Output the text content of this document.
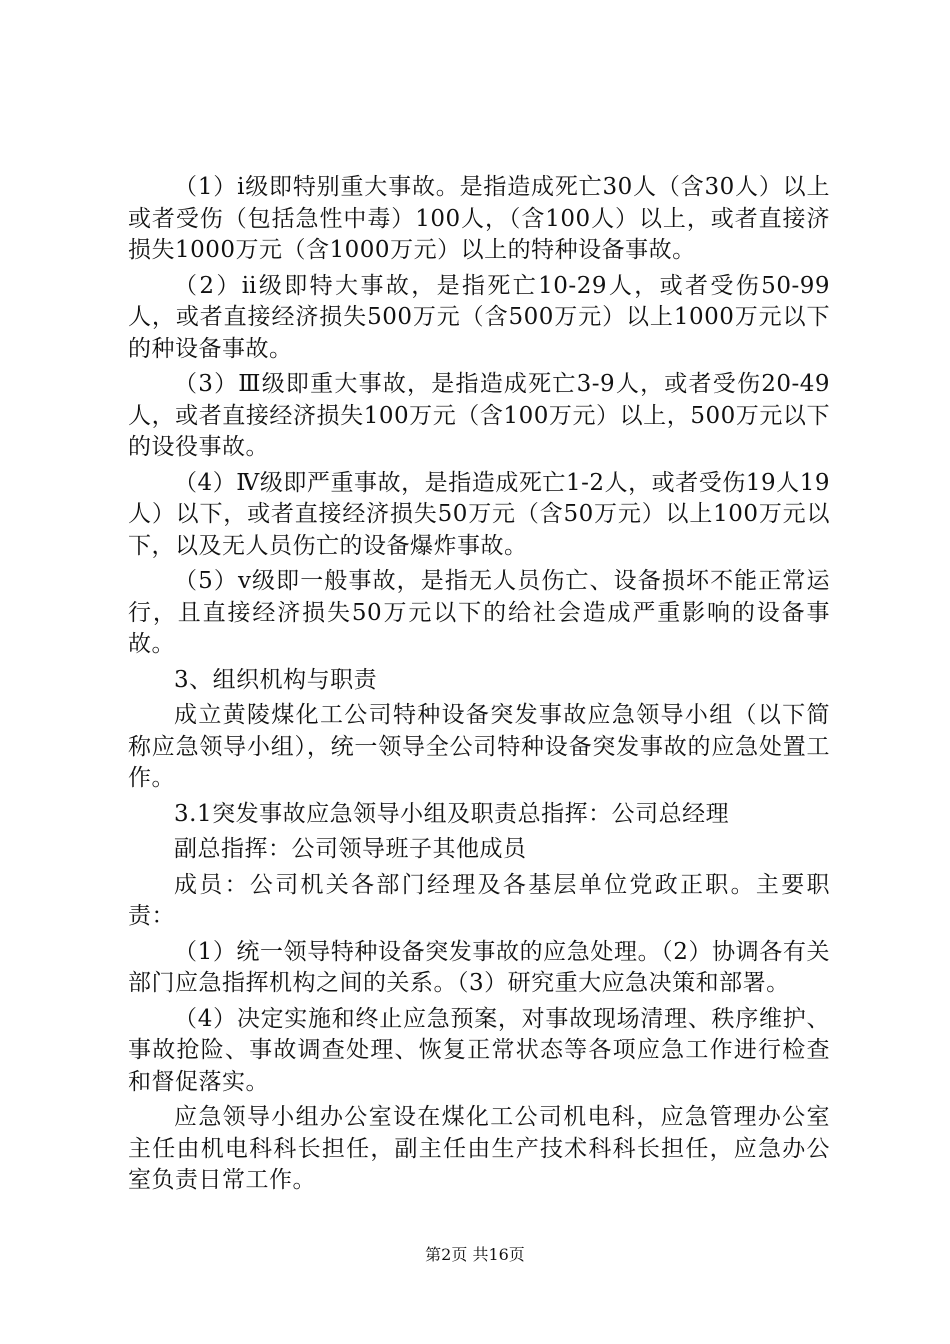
（1）ⅰ级即特别重大事故。是指造成死亡30人（含30人）以上或者受伤（包括急性中毒）100人，（含100人）以上，或者直接济损失1000万元（含1000万元）以上的特种设备事故。

（2）ⅱ级即特大事故，是指死亡10-29人，或者受伤50-99人，或者直接经济损失500万元（含500万元）以上1000万元以下的种设备事故。

（3）Ⅲ级即重大事故，是指造成死亡3-9人，或者受伤20-49人，或者直接经济损失100万元（含100万元）以上，500万元以下的设役事故。

（4）Ⅳ级即严重事故，是指造成死亡1-2人，或者受伤19人19人）以下，或者直接经济损失50万元（含50万元）以上100万元以下，以及无人员伤亡的设备爆炸事故。

（5）ⅴ级即一般事故，是指无人员伤亡、设备损坏不能正常运行，且直接经济损失50万元以下的给社会造成严重影响的设备事故。

3、组织机构与职责

成立黄陵煤化工公司特种设备突发事故应急领导小组（以下简称应急领导小组），统一领导全公司特种设备突发事故的应急处置工作。

3.1突发事故应急领导小组及职责总指挥：公司总经理

副总指挥：公司领导班子其他成员

成员：公司机关各部门经理及各基层单位党政正职。主要职责：

（1）统一领导特种设备突发事故的应急处理。（2）协调各有关部门应急指挥机构之间的关系。（3）研究重大应急决策和部署。

（4）决定实施和终止应急预案，对事故现场清理、秩序维护、事故抢险、事故调查处理、恢复正常状态等各项应急工作进行检查和督促落实。

应急领导小组办公室设在煤化工公司机电科，应急管理办公室主任由机电科科长担任，副主任由生产技术科科长担任，应急办公室负责日常工作。

第2页 共16页
